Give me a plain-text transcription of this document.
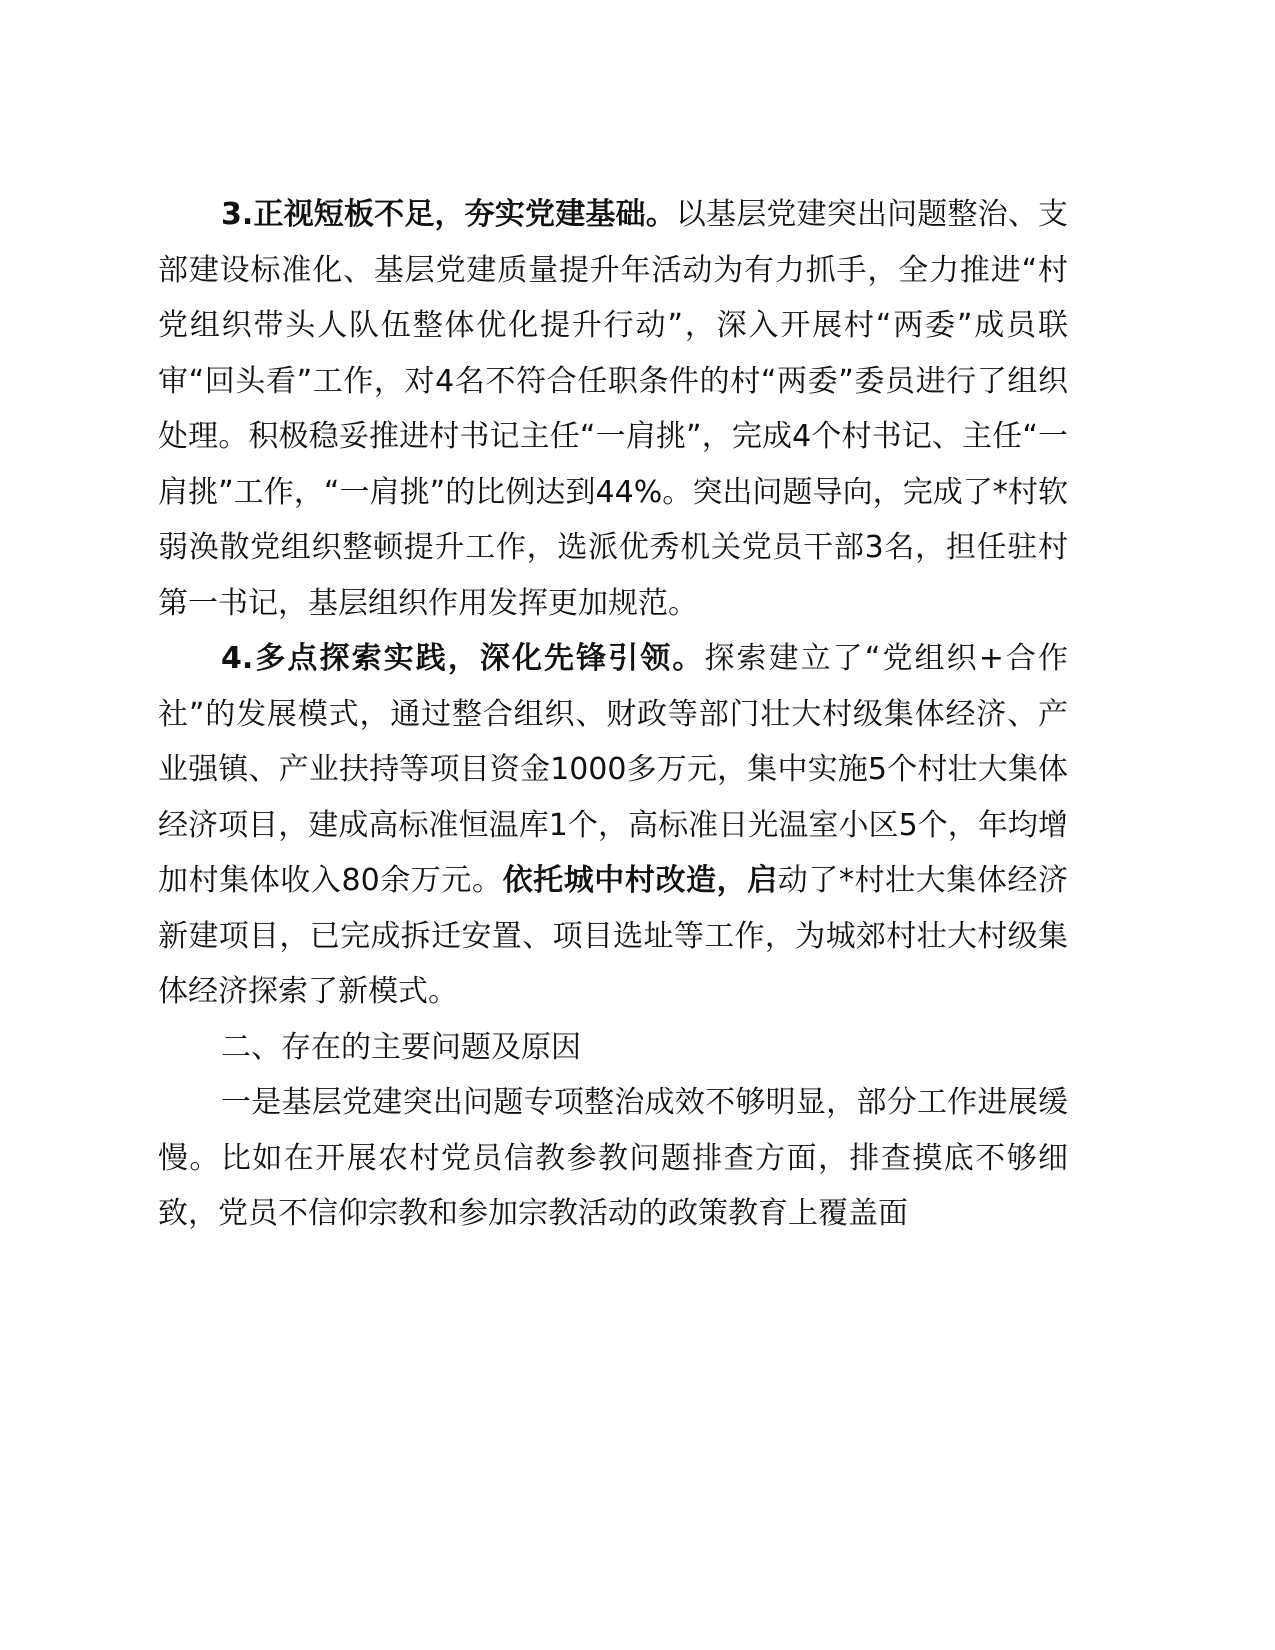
3.正视短板不足，夯实党建基础。以基层党建突出问题整治、支部建设标准化、基层党建质量提升年活动为有力抓手，全力推进“村党组织带头人队伍整体优化提升行动”，深入开展村“两委”成员联审“回头看”工作，对4名不符合任职条件的村“两委”委员进行了组织处理。积极稳妥推进村书记主任“一肩挑”，完成4个村书记、主任“一肩挑”工作，“一肩挑”的比例达到44%。突出问题导向，完成了*村软弱涣散党组织整顿提升工作，选派优秀机关党员干部3名，担任驻村第一书记，基层组织作用发挥更加规范。

4.多点探索实践，深化先锋引领。探索建立了“党组织+合作社”的发展模式，通过整合组织、财政等部门壮大村级集体经济、产业强镇、产业扶持等项目资金1000多万元，集中实施5个村壮大集体经济项目，建成高标准恒温库1个，高标准日光温室小区5个，年均增加村集体收入80余万元。依托城中村改造，启动了*村壮大集体经济新建项目，已完成拆迁安置、项目选址等工作，为城郊村壮大村级集体经济探索了新模式。

二、存在的主要问题及原因

一是基层党建突出问题专项整治成效不够明显，部分工作进展缓慢。比如在开展农村党员信教参教问题排查方面，排查摸底不够细致，党员不信仰宗教和参加宗教活动的政策教育上覆盖面
